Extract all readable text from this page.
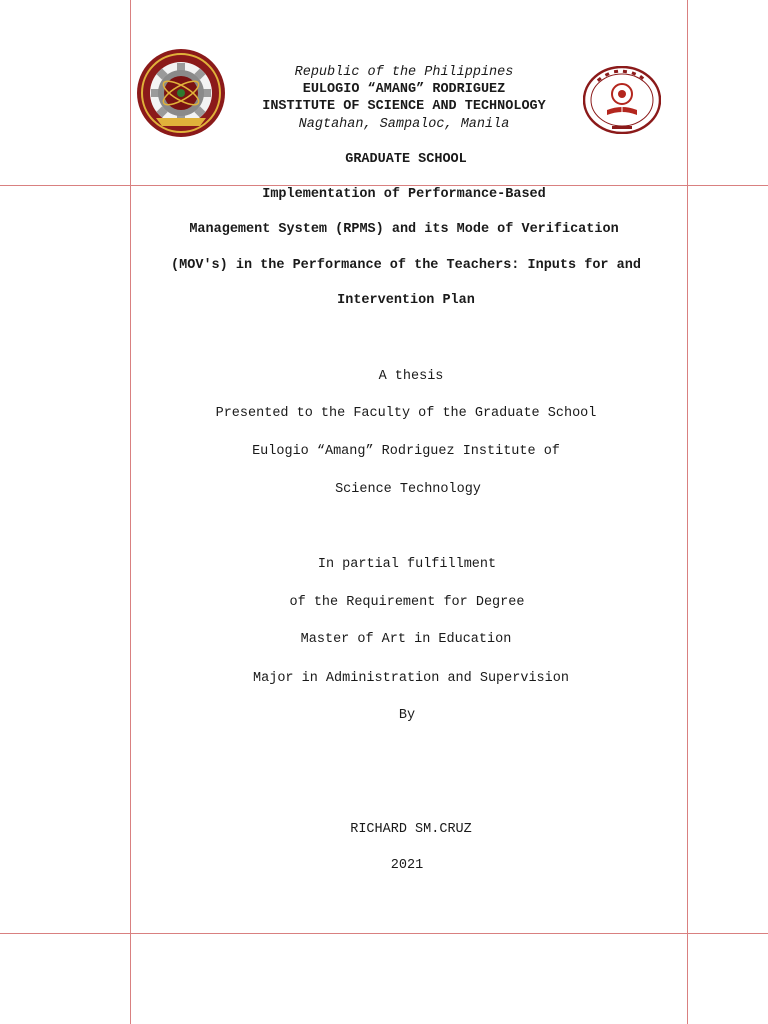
Republic of the Philippines
EULOGIO “AMANG” RODRIGUEZ
INSTITUTE OF SCIENCE AND TECHNOLOGY
Nagtahan, Sampaloc, Manila
GRADUATE SCHOOL
Implementation of Performance-Based
Management System (RPMS) and its Mode of Verification
(MOV's) in the Performance of the Teachers: Inputs for and
Intervention Plan
A thesis
Presented to the Faculty of the Graduate School
Eulogio “Amang” Rodriguez Institute of
Science Technology
In partial fulfillment
of the Requirement for Degree
Master of Art in Education
Major in Administration and Supervision
By
RICHARD SM.CRUZ
2021
